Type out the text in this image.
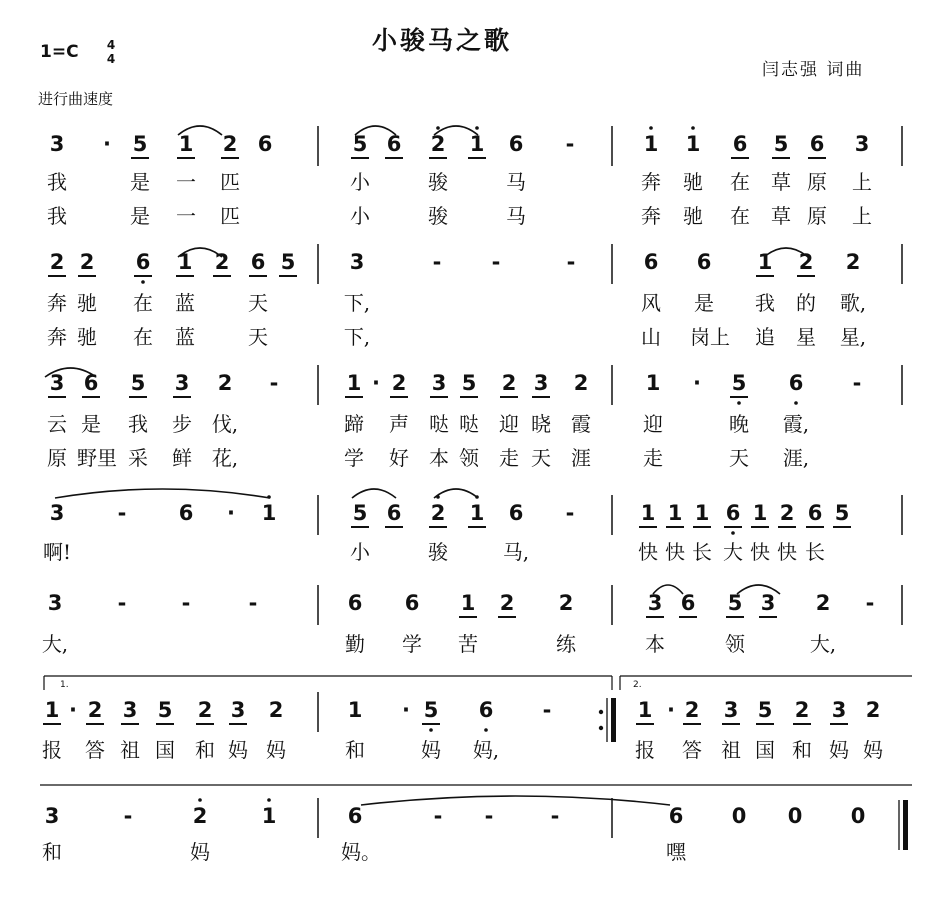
小骏马之歌
1=C 4
4
进行曲速度
闫志强 词曲
1.	2.
3	·	5 1 2 6	5 6 2 1 6	-	1 1 6 5 6 3
我	是 一 匹	小	骏	马	奔 驰 在 草 原 上
我	是 一 匹	小	骏	马	奔 驰 在 草 原 上
2 2 6 1 2 6 5	3	-	-	-	6 6 1 2 2
奔 驰 在 蓝	天	下,	风 是 我 的 歌,
奔 驰 在 蓝	天	下,	山 岗上 追 星 星,
3 6 5 3 2	-	1 · 2 3 5 2 3 2	1	·	5 6	-
云 是 我 步 伐,	蹄 声 哒 哒 迎 晓 霞	迎	晚 霞,
原 野里 采 鲜 花,	学 好 本 领 走 天 涯	走	天 涯,
3	-	6	·	1	5 6 2 1 6	-	1 1 1 6 1 2 6 5
啊!	小	骏	马,	快 快 长 大 快 快 长
3	-	-	-	6 6 1 2 2	3 6 5 3 2	-
大,	勤 学 苦	练	本	领	大,
1 · 2 3 5 2 3 2	1	· 5 6	-	1 · 2 3 5 2 3 2
报 答 祖 国 和 妈 妈	和	妈 妈,	报 答 祖 国 和 妈 妈
3	-	2	1	6	-	-	-	6 0 0 0
和	妈	妈。	嘿
